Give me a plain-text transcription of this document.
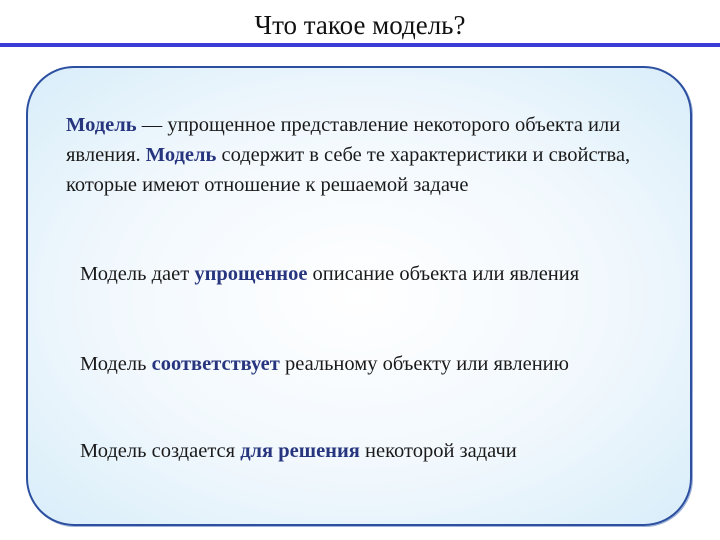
Что такое модель?

Модель — упрощенное представление некоторого объекта или явления. Модель содержит в себе те характеристики и свойства, которые имеют отношение к решаемой задаче

Модель дает упрощенное описание объекта или явления

Модель соответствует реальному объекту или явлению

Модель создается для решения некоторой задачи
